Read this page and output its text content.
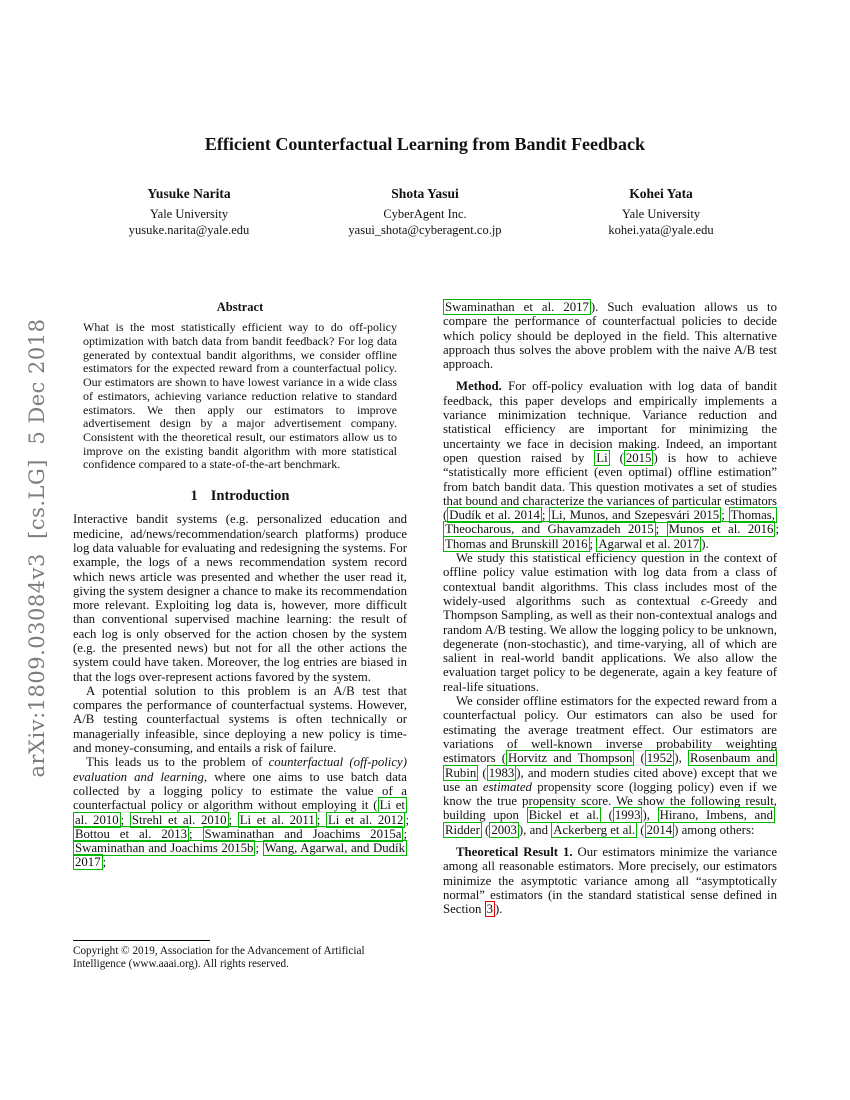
arXiv:1809.03084v3  [cs.LG]  5 Dec 2018
Efficient Counterfactual Learning from Bandit Feedback
Yusuke Narita
Yale University
yusuke.narita@yale.edu
Shota Yasui
CyberAgent Inc.
yasui_shota@cyberagent.co.jp
Kohei Yata
Yale University
kohei.yata@yale.edu
Abstract
What is the most statistically efficient way to do off-policy optimization with batch data from bandit feedback? For log data generated by contextual bandit algorithms, we consider offline estimators for the expected reward from a counterfactual policy. Our estimators are shown to have lowest variance in a wide class of estimators, achieving variance reduction relative to standard estimators. We then apply our estimators to improve advertisement design by a major advertisement company. Consistent with the theoretical result, our estimators allow us to improve on the existing bandit algorithm with more statistical confidence compared to a state-of-the-art benchmark.
1 Introduction

Interactive bandit systems (e.g. personalized education and medicine, ad/news/recommendation/search platforms) produce log data valuable for evaluating and redesigning the systems. For example, the logs of a news recommendation system record which news article was presented and whether the user read it, giving the system designer a chance to make its recommendation more relevant. Exploiting log data is, however, more difficult than conventional supervised machine learning: the result of each log is only observed for the action chosen by the system (e.g. the presented news) but not for all the other actions the system could have taken. Moreover, the log entries are biased in that the logs over-represent actions favored by the system.

A potential solution to this problem is an A/B test that compares the performance of counterfactual systems. However, A/B testing counterfactual systems is often technically or managerially infeasible, since deploying a new policy is time- and money-consuming, and entails a risk of failure.

This leads us to the problem of counterfactual (off-policy) evaluation and learning, where one aims to use batch data collected by a logging policy to estimate the value of a counterfactual policy or algorithm without employing it ( Li et al. 2010 ; Strehl et al. 2010 ; Li et al. 2011 ; Li et al. 2012 ; Bottou et al. 2013 ; Swaminathan and Joachims 2015a ; Swaminathan and Joachims 2015b ; Wang, Agarwal, and Dudík 2017 ;

Swaminathan et al. 2017 ). Such evaluation allows us to compare the performance of counterfactual policies to decide which policy should be deployed in the field. This alternative approach thus solves the above problem with the naive A/B test approach.

Method. For off-policy evaluation with log data of bandit feedback, this paper develops and empirically implements a variance minimization technique. Variance reduction and statistical efficiency are important for minimizing the uncertainty we face in decision making. Indeed, an important open question raised by Li ( 2015 ) is how to achieve “statistically more efficient (even optimal) offline estimation” from batch bandit data. This question motivates a set of studies that bound and characterize the variances of particular estimators ( Dudík et al. 2014 ; Li, Munos, and Szepesvári 2015 ; Thomas, Theocharous, and Ghavamzadeh 2015 ; Munos et al. 2016 ; Thomas and Brunskill 2016 ; Agarwal et al. 2017 ).

We study this statistical efficiency question in the context of offline policy value estimation with log data from a class of contextual bandit algorithms. This class includes most of the widely-used algorithms such as contextual ϵ-Greedy and Thompson Sampling, as well as their non-contextual analogs and random A/B testing. We allow the logging policy to be unknown, degenerate (non-stochastic), and time-varying, all of which are salient in real-world bandit applications. We also allow the evaluation target policy to be degenerate, again a key feature of real-life situations.

We consider offline estimators for the expected reward from a counterfactual policy. Our estimators can also be used for estimating the average treatment effect. Our estimators are variations of well-known inverse probability weighting estimators ( Horvitz and Thompson ( 1952 ), Rosenbaum and Rubin ( 1983 ), and modern studies cited above) except that we use an estimated propensity score (logging policy) even if we know the true propensity score. We show the following result, building upon Bickel et al. ( 1993 ), Hirano, Imbens, and Ridder ( 2003 ), and Ackerberg et al. ( 2014 ) among others:

Theoretical Result 1. Our estimators minimize the variance among all reasonable estimators. More precisely, our estimators minimize the asymptotic variance among all “asymptotically normal” estimators (in the standard statistical sense defined in Section 3 ).

Copyright © 2019, Association for the Advancement of Artificial Intelligence (www.aaai.org). All rights reserved.
